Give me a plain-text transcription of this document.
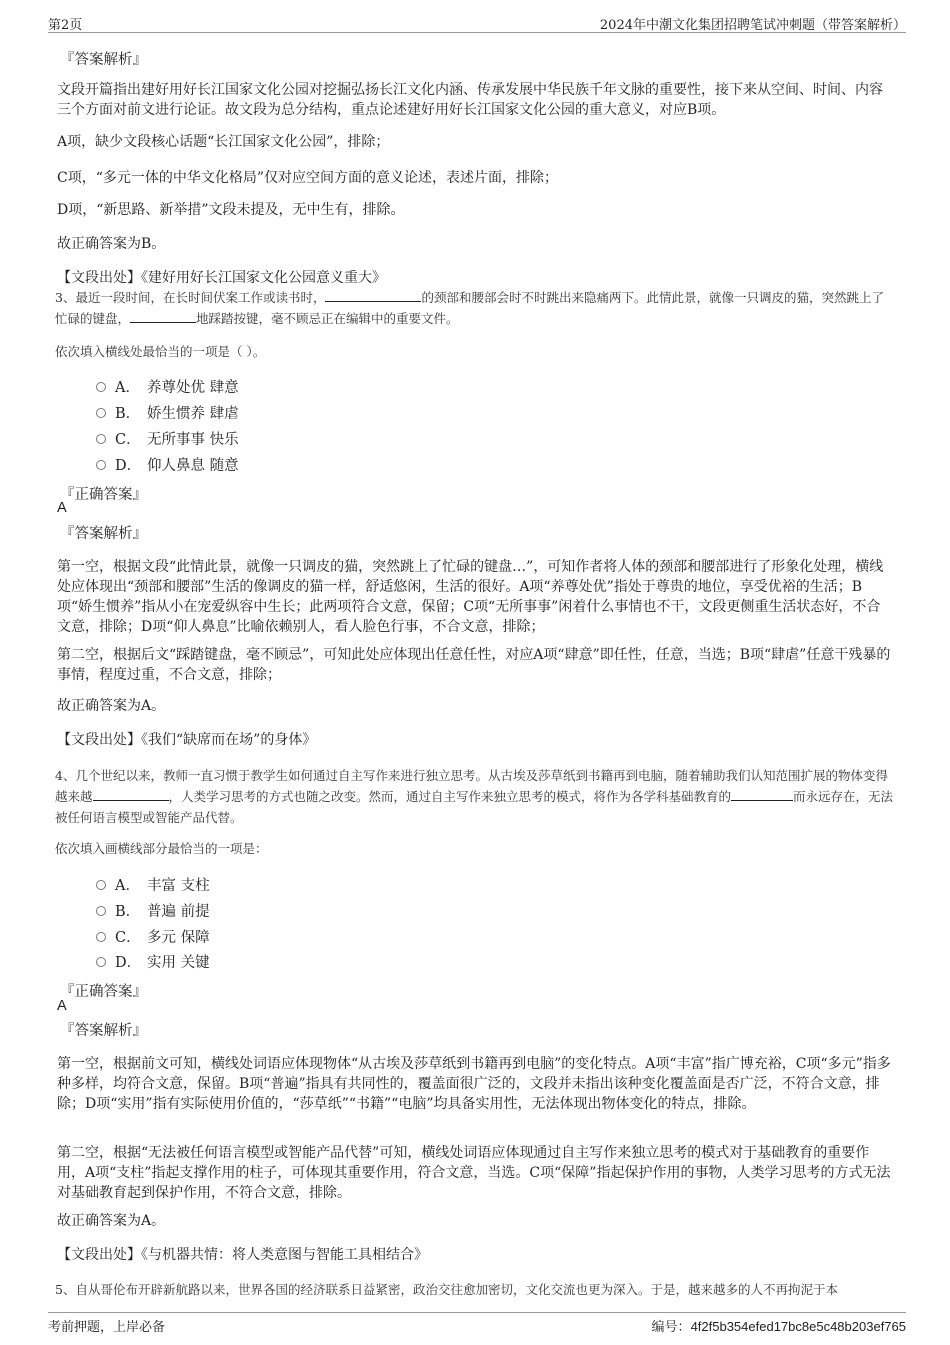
第2页	2024年中潮文化集团招聘笔试冲刺题（带答案解析）
『答案解析』
文段开篇指出建好用好长江国家文化公园对挖掘弘扬长江文化内涵、传承发展中华民族千年文脉的重要性，接下来从空间、时间、内容三个方面对前文进行论证。故文段为总分结构，重点论述建好用好长江国家文化公园的重大意义，对应B项。
A项，缺少文段核心话题“长江国家文化公园”，排除；
C项，“多元一体的中华文化格局”仅对应空间方面的意义论述，表述片面，排除；
D项，“新思路、新举措”文段未提及，无中生有，排除。
故正确答案为B。
【文段出处】《建好用好长江国家文化公园意义重大》
3、最近一段时间，在长时间伏案工作或读书时，	的颈部和腰部会时不时跳出来隐痛两下。此情此景，就像一只调皮的猫，突然跳上了忙碌的键盘，	地踩踏按键，毫不顾忌正在编辑中的重要文件。
依次填入横线处最恰当的一项是（ ）。
A． 养尊处优 肆意
B． 娇生惯养 肆虐
C． 无所事事 快乐
D． 仰人鼻息 随意
『正确答案』
A
『答案解析』
第一空，根据文段“此情此景，就像一只调皮的猫，突然跳上了忙碌的键盘…”，可知作者将人体的颈部和腰部进行了形象化处理，横线处应体现出“颈部和腰部”生活的像调皮的猫一样，舒适悠闲，生活的很好。A项“养尊处优”指处于尊贵的地位，享受优裕的生活；B项“娇生惯养”指从小在宠爱纵容中生长；此两项符合文意，保留；C项“无所事事”闲着什么事情也不干，文段更侧重生活状态好，不合文意，排除；D项“仰人鼻息”比喻依赖别人，看人脸色行事，不合文意，排除；
第二空，根据后文“踩踏键盘，毫不顾忌”，可知此处应体现出任意任性，对应A项“肆意”即任性，任意，当选；B项“肆虐”任意干残暴的事情，程度过重，不合文意，排除；
故正确答案为A。
【文段出处】《我们“缺席而在场”的身体》
4、几个世纪以来，教师一直习惯于教学生如何通过自主写作来进行独立思考。从古埃及莎草纸到书籍再到电脑，随着辅助我们认知范围扩展的物体变得越来越	，人类学习思考的方式也随之改变。然而，通过自主写作来独立思考的模式，将作为各学科基础教育的	而永远存在，无法被任何语言模型或智能产品代替。
依次填入画横线部分最恰当的一项是：
A． 丰富 支柱
B． 普遍 前提
C． 多元 保障
D． 实用 关键
『正确答案』
A
『答案解析』
第一空，根据前文可知，横线处词语应体现物体“从古埃及莎草纸到书籍再到电脑”的变化特点。A项“丰富”指广博充裕，C项“多元”指多种多样，均符合文意，保留。B项“普遍”指具有共同性的，覆盖面很广泛的，文段并未指出该种变化覆盖面是否广泛，不符合文意，排除；D项“实用”指有实际使用价值的，“莎草纸”“书籍”“电脑”均具备实用性，无法体现出物体变化的特点，排除。
第二空，根据“无法被任何语言模型或智能产品代替”可知，横线处词语应体现通过自主写作来独立思考的模式对于基础教育的重要作用，A项“支柱”指起支撑作用的柱子，可体现其重要作用，符合文意，当选。C项“保障”指起保护作用的事物，人类学习思考的方式无法对基础教育起到保护作用，不符合文意，排除。
故正确答案为A。
【文段出处】《与机器共情：将人类意图与智能工具相结合》
5、自从哥伦布开辟新航路以来，世界各国的经济联系日益紧密，政治交往愈加密切，文化交流也更为深入。于是，越来越多的人不再拘泥于本
考前押题，上岸必备	编号：4f2f5b354efed17bc8e5c48b203ef765
